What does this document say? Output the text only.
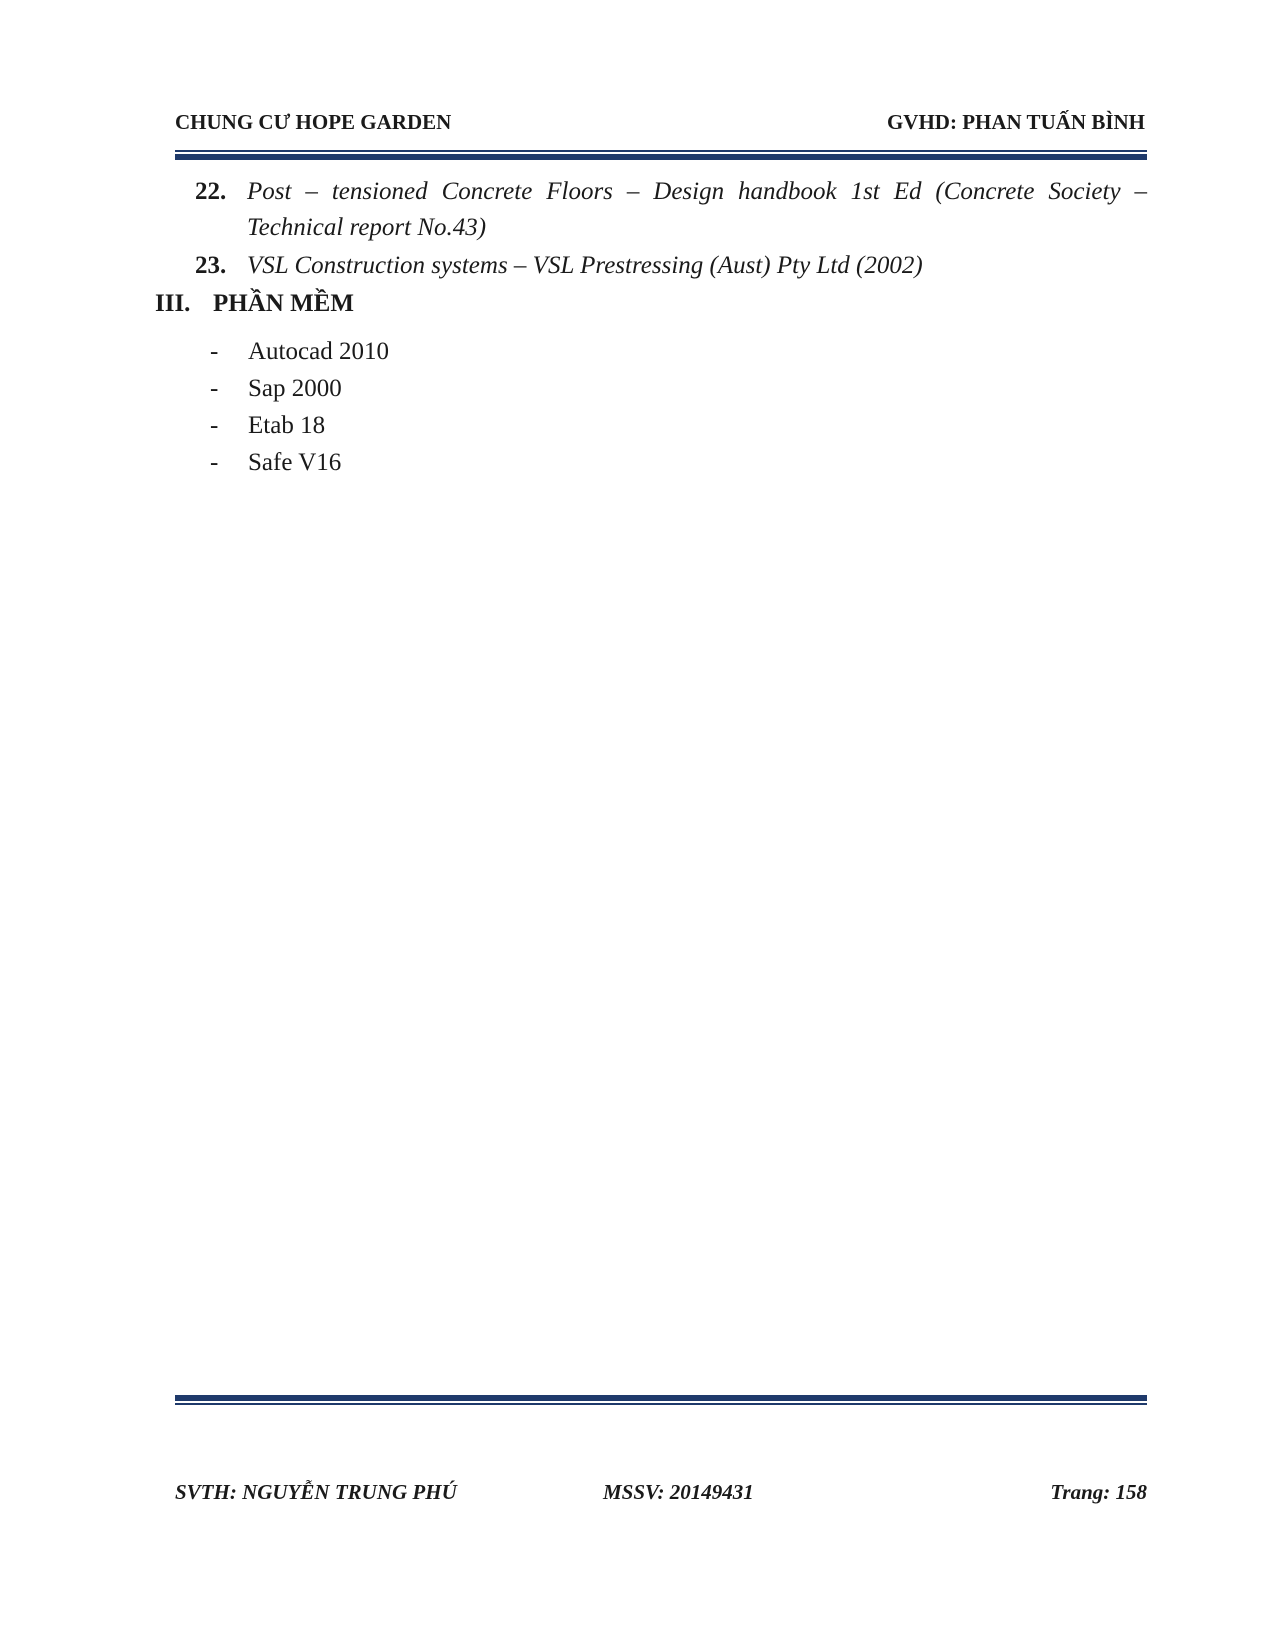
CHUNG CƯ HOPE GARDEN	GVHD: PHAN TUẤN BÌNH
22. Post – tensioned Concrete Floors – Design handbook 1st Ed (Concrete Society – Technical report No.43)
23. VSL Construction systems – VSL Prestressing (Aust) Pty Ltd (2002)
III. PHẦN MỀM
- Autocad 2010
- Sap 2000
- Etab 18
- Safe V16
SVTH: NGUYỄN TRUNG PHÚ	MSSV: 20149431	Trang: 158
